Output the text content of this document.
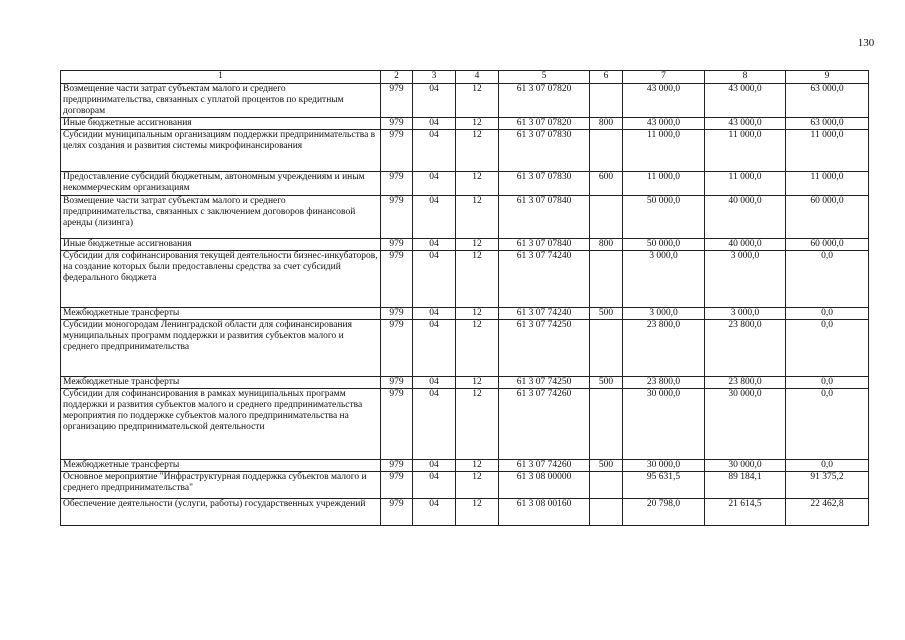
130
1	2	3	4	5	6	7	8	9
Возмещение части затрат субъектам малого и среднего предпринимательства, связанных с уплатой процентов по кредитным договорам	979	04	12	61 3 07 07820		43 000,0	43 000,0	63 000,0
Иные бюджетные ассигнования	979	04	12	61 3 07 07820	800	43 000,0	43 000,0	63 000,0
Субсидии муниципальным организациям поддержки предпринимательства в целях создания и развития системы микрофинансирования	979	04	12	61 3 07 07830		11 000,0	11 000,0	11 000,0
Предоставление субсидий бюджетным, автономным учреждениям и иным некоммерческим организациям	979	04	12	61 3 07 07830	600	11 000,0	11 000,0	11 000,0
Возмещение части затрат субъектам малого и среднего предпринимательства, связанных с заключением договоров финансовой аренды (лизинга)	979	04	12	61 3 07 07840		50 000,0	40 000,0	60 000,0
Иные бюджетные ассигнования	979	04	12	61 3 07 07840	800	50 000,0	40 000,0	60 000,0
Субсидии для софинансирования текущей деятельности бизнес-инкубаторов, на создание которых были предоставлены средства за счет субсидий федерального бюджета	979	04	12	61 3 07 74240		3 000,0	3 000,0	0,0
Межбюджетные трансферты	979	04	12	61 3 07 74240	500	3 000,0	3 000,0	0,0
Субсидии моногородам Ленинградской области для софинансирования муниципальных программ поддержки и развития субъектов малого и среднего предпринимательства	979	04	12	61 3 07 74250		23 800,0	23 800,0	0,0
Межбюджетные трансферты	979	04	12	61 3 07 74250	500	23 800,0	23 800,0	0,0
Субсидии для софинансирования в рамках муниципальных программ поддержки и развития субъектов малого и среднего предпринимательства мероприятия по поддержке субъектов малого предпринимательства на организацию предпринимательской деятельности	979	04	12	61 3 07 74260		30 000,0	30 000,0	0,0
Межбюджетные трансферты	979	04	12	61 3 07 74260	500	30 000,0	30 000,0	0,0
Основное мероприятие "Инфраструктурная поддержка субъектов малого и среднего предпринимательства"	979	04	12	61 3 08 00000		95 631,5	89 184,1	91 375,2
Обеспечение деятельности (услуги, работы) государственных учреждений	979	04	12	61 3 08 00160		20 798,0	21 614,5	22 462,8
